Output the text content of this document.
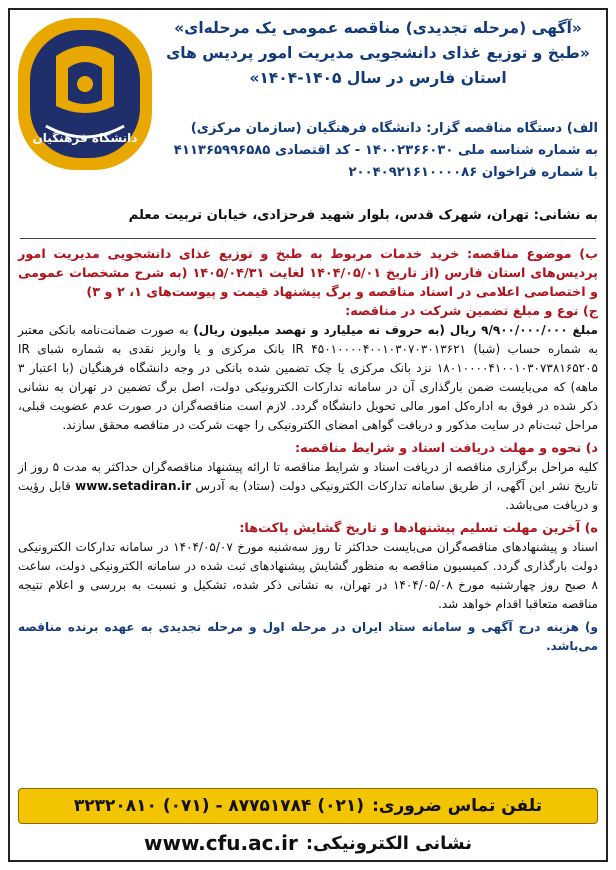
دانشگاه فرهنگیان
«آگهی (مرحله تجدیدی) مناقصه عمومی یک مرحله‌ای»
«طبخ و توزیع غذای دانشجویی مدیریت امور پردیس های
استان فارس در سال ۱۴۰۵-۱۴۰۴»
الف) دستگاه مناقصه گزار: دانشگاه فرهنگیان (سازمان مرکزی)
به شماره شناسه ملی ۱۴۰۰۲۳۶۶۰۳۰ - کد اقتصادی ۴۱۱۳۶۵۹۹۶۵۸۵
با شماره فراخوان ۲۰۰۴۰۹۲۱۶۱۰۰۰۰۸۶
به نشانی: تهران، شهرک قدس، بلوار شهید فرحزادی، خیابان تربیت معلم
ب) موضوع مناقصه: خرید خدمات مربوط به طبخ و توزیع غذای دانشجویی مدیریت امور پردیس‌های استان فارس (از تاریخ ۱۴۰۴/۰۵/۰۱ لغایت ۱۴۰۵/۰۴/۳۱ (به شرح مشخصات عمومی و اختصاصی اعلامی در اسناد مناقصه و برگ پیشنهاد قیمت و پیوست‌های ۱، ۲ و ۳)
ج) نوع و مبلغ تضمین شرکت در مناقصه:
مبلغ ۹/۹۰۰/۰۰۰/۰۰۰ ریال (به حروف نه میلیارد و نهصد میلیون ریال) به صورت ضمانت‌نامه بانکی معتبر به شماره حساب (شبا) IR ۴۵۰۱۰۰۰۰۴۰۰۱۰۳۰۷۰۳۰۱۳۶۲۱ بانک مرکزی و یا واریز نقدی به شماره شبای IR ۱۸۰۱۰۰۰۰۴۱۰۰۱۰۳۰۷۳۸۱۶۵۲۰۵ نزد بانک مرکزی یا چک تضمین شده بانکی در وجه دانشگاه فرهنگیان (با اعتبار ۳ ماهه) که می‌بایست ضمن بارگذاری آن در سامانه تدارکات الکترونیکی دولت، اصل برگ تضمین در تهران به نشانی ذکر شده در فوق به اداره‌کل امور مالی تحویل دانشگاه گردد. لازم است مناقصه‌گران در صورت عدم عضویت قبلی، مراحل ثبت‌نام در سایت مذکور و دریافت گواهی امضای الکترونیکی را جهت شرکت در مناقصه محقق سازند.
د) نحوه و مهلت دریافت اسناد و شرایط مناقصه:
کلیه مراحل برگزاری مناقصه از دریافت اسناد و شرایط مناقصه تا ارائه پیشنهاد مناقصه‌گران حداکثر به مدت ۵ روز از تاریخ نشر این آگهی، از طریق سامانه تدارکات الکترونیکی دولت (ستاد) به آدرس www.setadiran.ir قابل رؤیت و دریافت می‌باشد.
ه) آخرین مهلت تسلیم پیشنهادها و تاریخ گشایش پاکت‌ها:
اسناد و پیشنهادهای مناقصه‌گران می‌بایست حداکثر تا روز سه‌شنبه مورخ ۱۴۰۴/۰۵/۰۷ در سامانه تدارکات الکترونیکی دولت بارگذاری گردد. کمیسیون مناقصه به منظور گشایش پیشنهادهای ثبت شده در سامانه الکترونیکی دولت، ساعت ۸ صبح روز چهارشنبه مورخ ۱۴۰۴/۰۵/۰۸ در تهران، به نشانی ذکر شده، تشکیل و نسبت به بررسی و اعلام نتیجه مناقصه متعاقبا اقدام خواهد شد.
و) هزینه درج آگهی و سامانه ستاد ایران در مرحله اول و مرحله تجدیدی به عهده برنده مناقصه می‌باشد.
تلفن تماس ضروری:
(۰۲۱) ۸۷۷۵۱۷۸۴ - (۰۷۱) ۳۲۳۲۰۸۱۰
نشانی الکترونیکی:
www.cfu.ac.ir
